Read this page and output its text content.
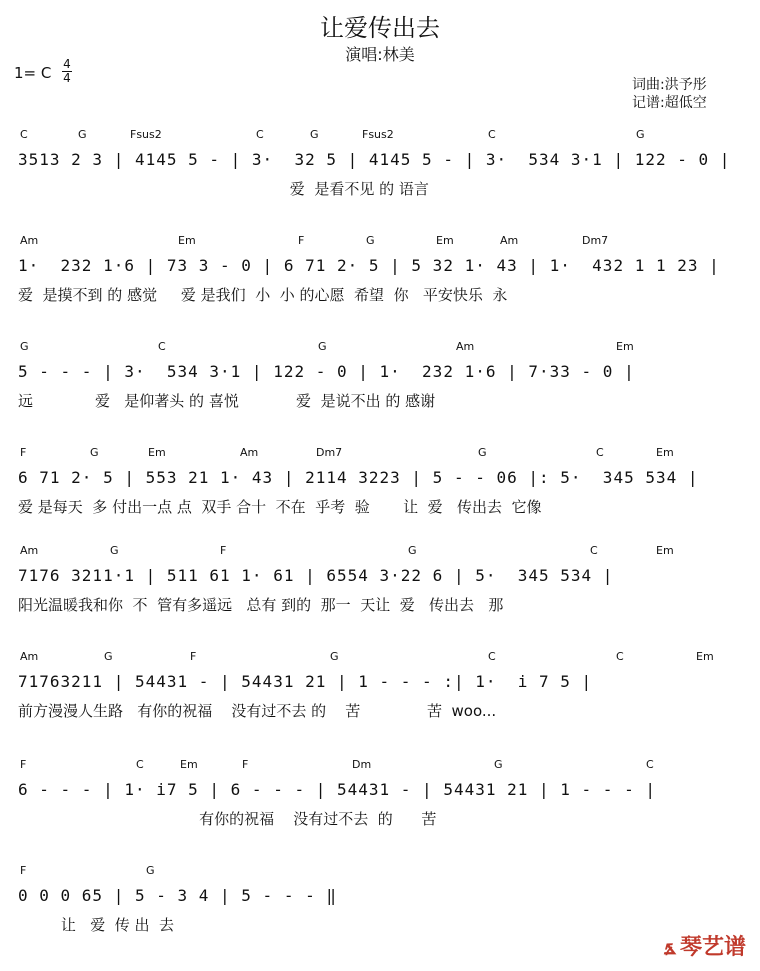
让爱传出去
演唱:林美
1= C 4
4	词曲:洪予彤
记谱:超低空
C	G	Fsus2	C	G	Fsus2	C	G
3513 2 3 | 4145 5 - | 3·  32 5 | 4145 5 - | 3·  534 3·1 | 122 - 0 |
爱  是看不见 的 语言
Am	Em	F	G	Em	Am	Dm7
1·  232 1·6 | 73 3 - 0 | 6 71 2· 5 | 5 32 1· 43 | 1·  432 1 1 23 |
爱  是摸不到 的 感觉     爱 是我们  小  小 的心愿  希望  你   平安快乐  永
G	C	G	Am	Em
5 - - - | 3·  534 3·1 | 122 - 0 | 1·  232 1·6 | 7·33 - 0 |
远             爱   是仰著头 的 喜悦            爱  是说不出 的 感谢
F	G	Em	Am	Dm7	G	C	Em
6 71 2· 5 | 553 21 1· 43 | 2114 3223 | 5 - - 06 |: 5·  345 534 |
爱 是每天  多 付出一点 点  双手 合十  不在  乎考  验       让  爱   传出去  它像
Am	G	F	G	C	Em
7176 3211·1 | 511 61 1· 61 | 6554 3·22 6 | 5·  345 534 |
阳光温暖我和你  不  管有多遥远   总有 到的  那一  天让  爱   传出去   那
Am	G	F	G	C	C	Em
71763211 | 54431 - | 54431 21 | 1 - - - :| 1·  i 7 5 |
前方漫漫人生路   有你的祝福    没有过不去 的    苦              苦  woo...
F	C	Em	F	Dm	G	C
6 - - - | 1· i7 5 | 6 - - - | 54431 - | 54431 21 | 1 - - - |
有你的祝福    没有过不去  的      苦
F	G
0 0 0 65 | 5 - 3 4 | 5 - - - ‖
让   爱  传 出  去
⦩ 琴艺谱
